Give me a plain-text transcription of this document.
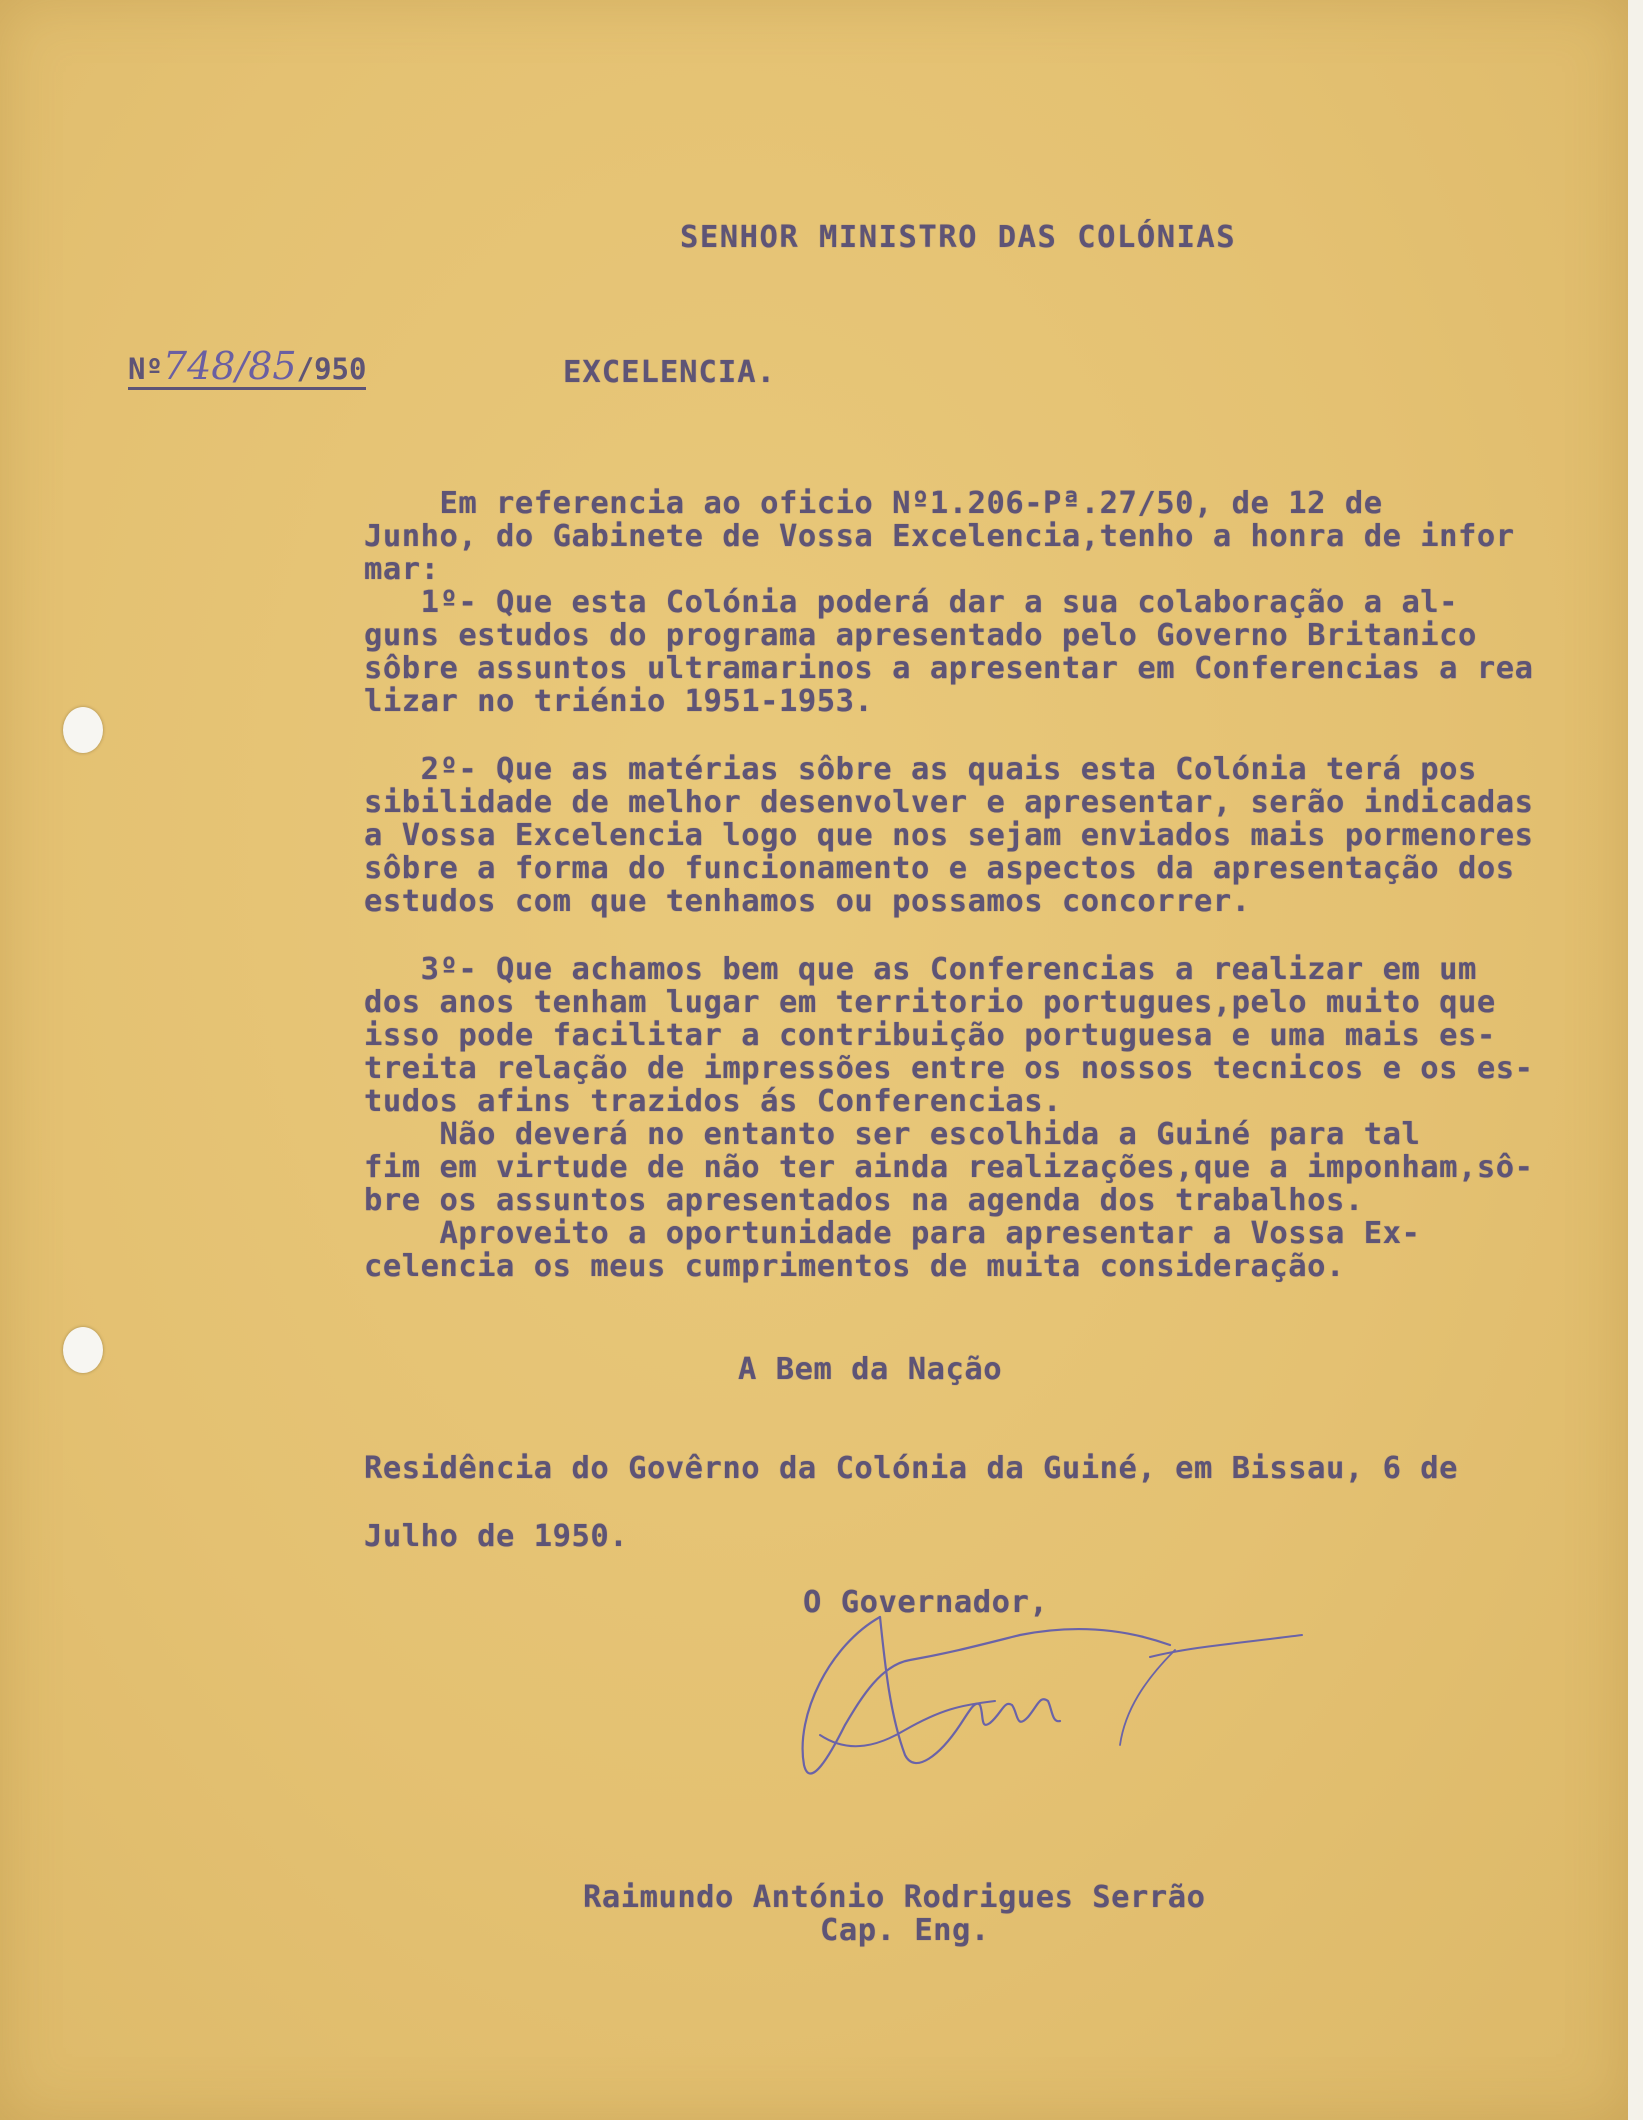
SENHOR MINISTRO DAS COLÓNIAS

Nº748/85/950	EXCELENCIA.

Em referencia ao oficio Nº1.206-Pª.27/50, de 12 de

Junho, do Gabinete de Vossa Excelencia,tenho a honra de infor

mar:

1º- Que esta Colónia poderá dar a sua colaboração a al-

guns estudos do programa apresentado pelo Governo Britanico

sôbre assuntos ultramarinos a apresentar em Conferencias a rea

lizar no triénio 1951-1953.

2º- Que as matérias sôbre as quais esta Colónia terá pos

sibilidade de melhor desenvolver e apresentar, serão indicadas

a Vossa Excelencia logo que nos sejam enviados mais pormenores

sôbre a forma do funcionamento e aspectos da apresentação dos

estudos com que tenhamos ou possamos concorrer.

3º- Que achamos bem que as Conferencias a realizar em um

dos anos tenham lugar em territorio portugues,pelo muito que

isso pode facilitar a contribuição portuguesa e uma mais es-

treita relação de impressões entre os nossos tecnicos e os es-

tudos afins trazidos ás Conferencias.

Não deverá no entanto ser escolhida a Guiné para tal

fim em virtude de não ter ainda realizações,que a imponham,sô-

bre os assuntos apresentados na agenda dos trabalhos.

Aproveito a oportunidade para apresentar a Vossa Ex-

celencia os meus cumprimentos de muita consideração.

A Bem da Nação

Residência do Govêrno da Colónia da Guiné, em Bissau, 6 de

Julho de 1950.

O Governador,

Raimundo António Rodrigues Serrão

Cap. Eng.
